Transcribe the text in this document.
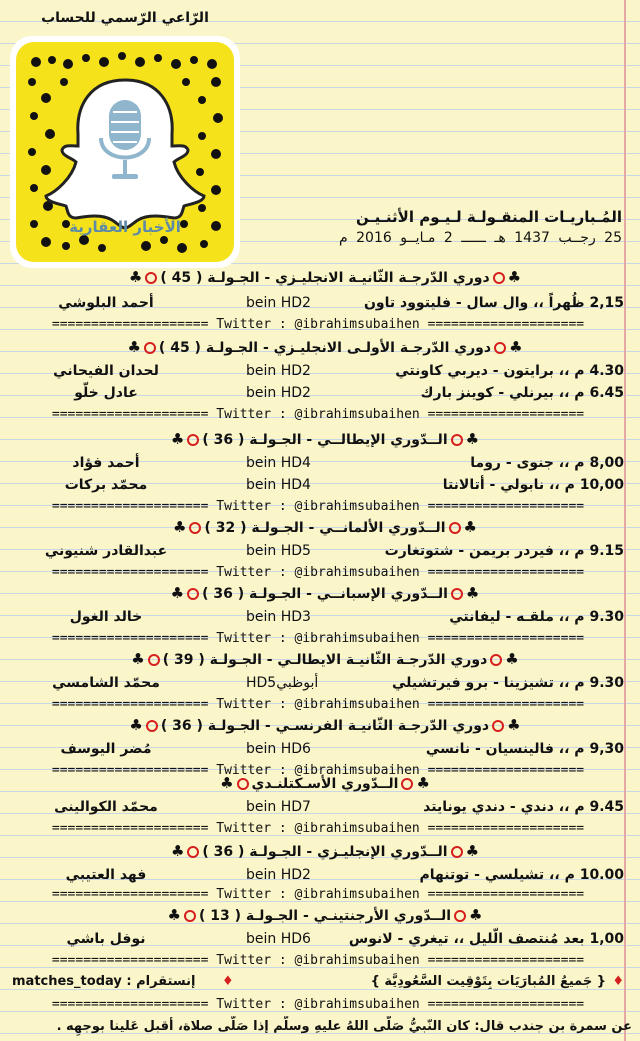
الرّاعي الرّسمي للحساب
الأخبار العقارية
المُـباريـات المنقـولـة لـيـوم الأثنـيـن
25 رجــب 1437 هـ ــــــ 2 مـايــو 2016 م
♣دوري الدّرجـة الثّانيـة الانجليـزي - الجـولـة ( 45 )♣
2,15 ظُهراً ،، وال سال - فليتوود تاون
bein HD2
أحمد البلوشي
==================== Twitter : @ibrahimsubaihen ====================
♣دوري الدّرجـة الأولـى الانجليـزي - الجـولـة ( 45 )♣
4.30 م ،، برايتون - ديربي كاونتي
bein HD2
لحدان الفيحاني
6.45 م ،، بيرنلي - كوينز بارك
bein HD2
عادل خلّو
==================== Twitter : @ibrahimsubaihen ====================
♣الــدّوري الإيطالــي - الجـولـة ( 36 )♣
8,00 م ،، جنوى - روما
bein HD4
أحمد فؤاد
10,00 م ،، نابولي - أتالانتا
bein HD4
محمّد بركات
==================== Twitter : @ibrahimsubaihen ====================
♣الــدّوري الألمانــي - الجـولـة ( 32 )♣
9.15 م ،، فيردر بريمن - شتوتغارت
bein HD5
عبدالقادر شنيوني
==================== Twitter : @ibrahimsubaihen ====================
♣الــدّوري الإسبانــي - الجـولـة ( 36 )♣
9.30 م ،، ملقـه - ليفانتي
bein HD3
خالد الغول
==================== Twitter : @ibrahimsubaihen ====================
♣دوري الدّرجـة الثّانيـة الايطالـي - الجـولـة ( 39 )♣
9.30 م ،، تشيزينا - برو فيرتشيلي
HD5أبوظبي
محمّد الشامسي
==================== Twitter : @ibrahimsubaihen ====================
♣دوري الدّرجـة الثّانيـة الفرنسـي - الجـولـة ( 36 )♣
9,30 م ،، فالينسيان - نانسي
bein HD6
مُضر اليوسف
==================== Twitter : @ibrahimsubaihen ====================
♣الــدّوري الأسـكتلنـدي♣
9.45 م ،، دندي - دندي يونايتد
bein HD7
محمّد الكوالينى
==================== Twitter : @ibrahimsubaihen ====================
♣الــدّوري الإنجليـزي - الجـولـة ( 36 )♣
10.00 م ،، تشيلسي - توتنهام
bein HD2
فهد العتيبي
==================== Twitter : @ibrahimsubaihen ====================
♣الــدّوري الأرجنتينـي - الجـولـة ( 13 )♣
1,00 بعد مُنتصف الّليل ،، تيغري - لانوس
bein HD6
نوفل باشي
==================== Twitter : @ibrahimsubaihen ====================
matches_today : إنستقرام ♦	{ جَميعُ المُبارَيَات بِتَوْقِيت السَّعُودِيَّة } ♦
==================== Twitter : @ibrahimsubaihen ====================
عن سمرة بن جندب قال: كان النّبيُّ صَلّى اللهُ عليهِ وسلّم إذا صَلّى صلاة، أقبل عَلينا بوجهِه .
